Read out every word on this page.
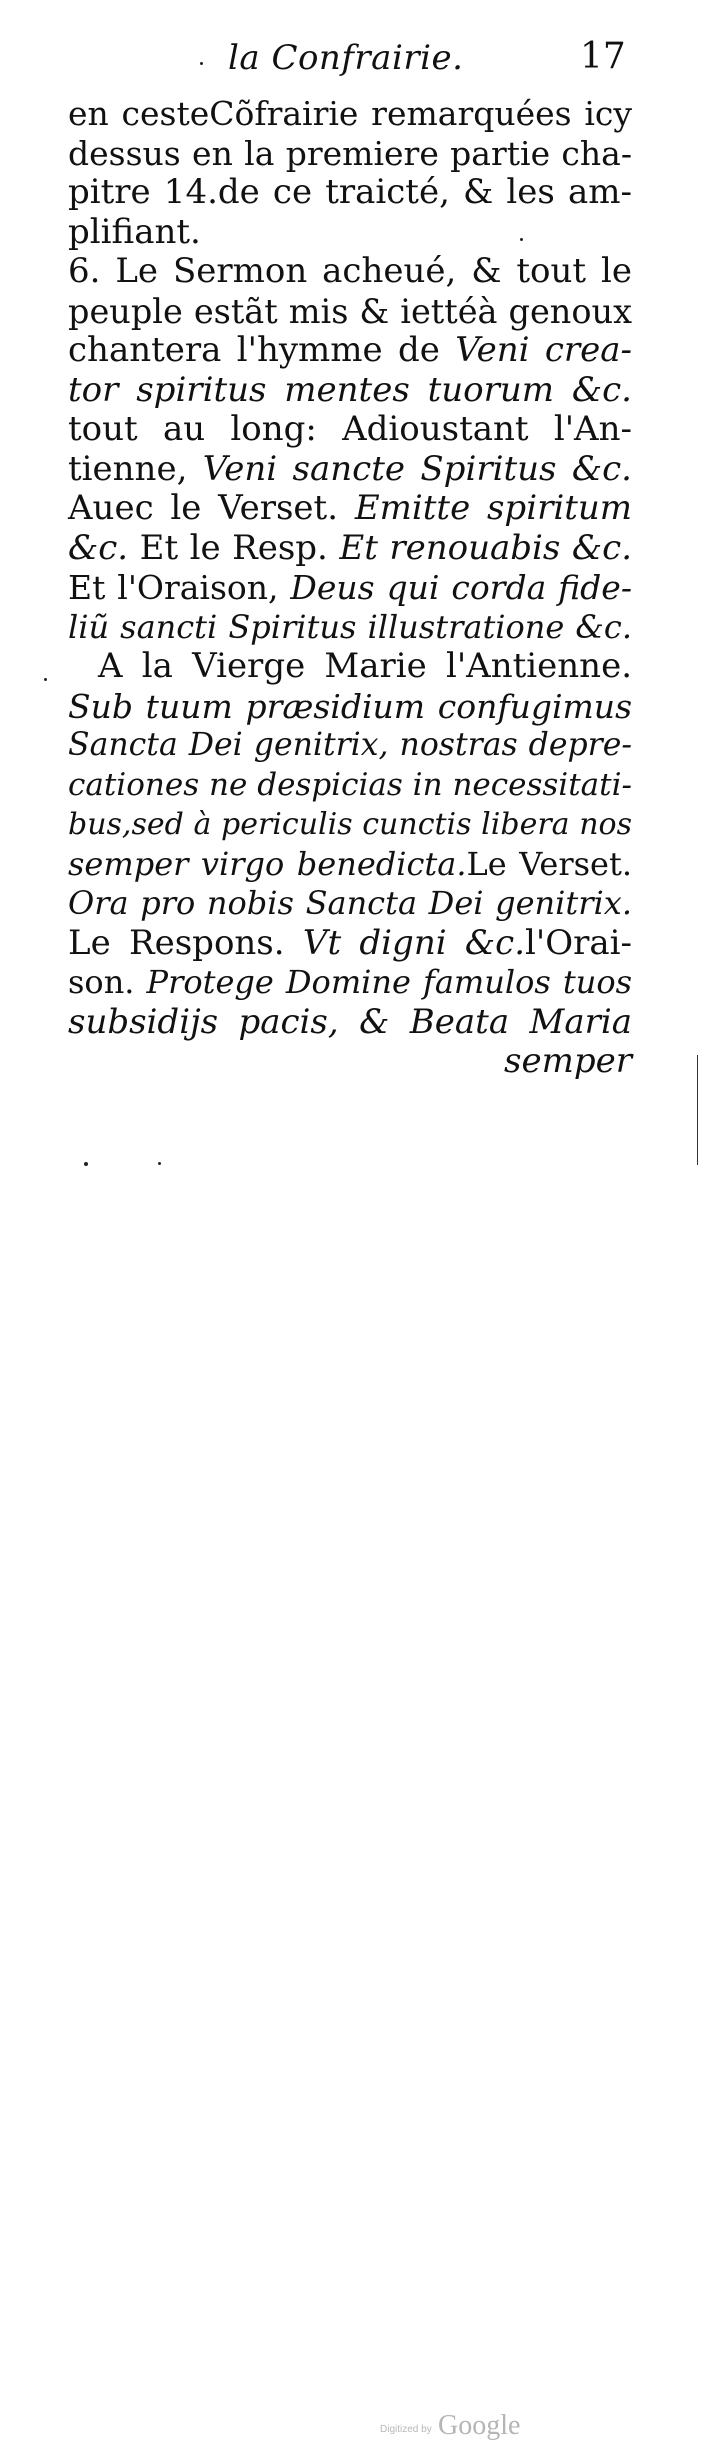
la Confrairie.	17
en cesteCõfrairie remarquées icy
dessus en la premiere partie cha-
pitre 14.de ce traicté, & les am-
plifiant.
6. Le Sermon acheué, & tout le
peuple estãt mis & iettéà genoux
chantera l'hymme de Veni crea-
tor spiritus mentes tuorum &c.
tout au long: Adioustant l'An-
tienne, Veni sancte Spiritus &c.
Auec le Verset. Emitte spiritum
&c. Et le Resp. Et renouabis &c.
Et l'Oraison, Deus qui corda fide-
liũ sancti Spiritus illustratione &c.
A la Vierge Marie l'Antienne.
Sub tuum præsidium confugimus
Sancta Dei genitrix, nostras depre-
cationes ne despicias in necessitati-
bus,sed à periculis cunctis libera nos
semper virgo benedicta.Le Verset.
Ora pro nobis Sancta Dei genitrix.
Le Respons. Vt digni &c.l'Orai-
son. Protege Domine famulos tuos
subsidijs pacis, & Beata Maria
semper
Digitized by Google
